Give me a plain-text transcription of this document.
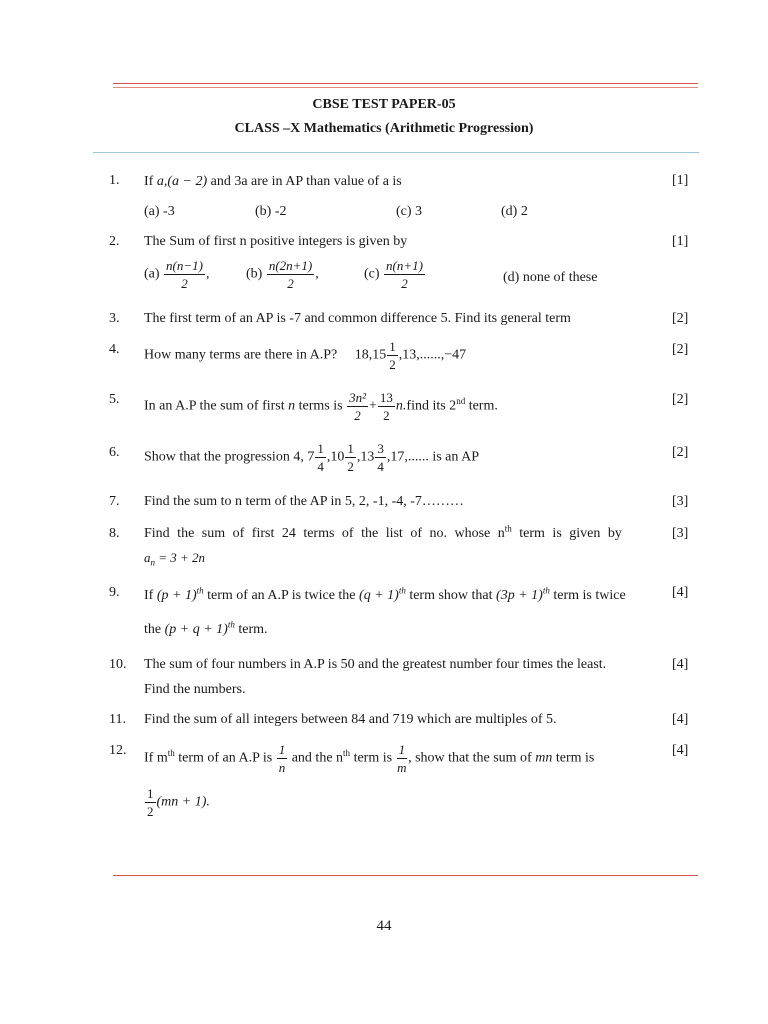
CBSE TEST PAPER-05
CLASS –X Mathematics (Arithmetic Progression)
1. If a,(a − 2) and 3a are in AP than value of a is	[1]
(a) -3	(b) -2	(c) 3	(d) 2
2. The Sum of first n positive integers is given by	[1]
$(a) \frac{n(n-1)}{2}$ ,	$(b) \frac{n(2n+1)}{2}$ ,	$(c) \frac{n(n+1)}{2}$	(d) none of these
3. The first term of an AP is -7 and common difference 5. Find its general term	[2]
4. How many terms are there in A.P? $18,15 \frac{1}{2} ,13,......,-47$	[2]
5. In an A.P the sum of first n terms is $\frac{\text{3n²}}{2} + \frac{13}{2}$ n.find its 2nd term.	[2]
6. Show that the progression 4, $7 \frac{1}{4} ,10 \frac{1}{2} ,13 \frac{3}{4} ,17$,...... is an AP	[2]
7. Find the sum to n term of the AP in 5, 2, -1, -4, -7………	[3]
8. Find the sum of first 24 terms of the list of no. whose $n^{th}$ term is given by
$a_n = 3 + 2n$
[3]
9. If $(p + 1)^{th}$ term of an A.P is twice the $(q + 1)^{th}$ term show that $(3p + 1)^{th}$ term is twice
the $(p + q + 1)^{th}$ term.
[4]
10. The sum of four numbers in A.P is 50 and the greatest number four times the least.
Find the numbers.
[4]
11. Find the sum of all integers between 84 and 719 which are multiples of 5.	[4]
12.
If $m^{th}$ term of an A.P is $\frac{1}{n}$ and the $n^{th}$ term is $\frac{1}{m}$ , show that the sum of mn term is
$\frac{1}{2} (mn + 1)$.
[4]
44
